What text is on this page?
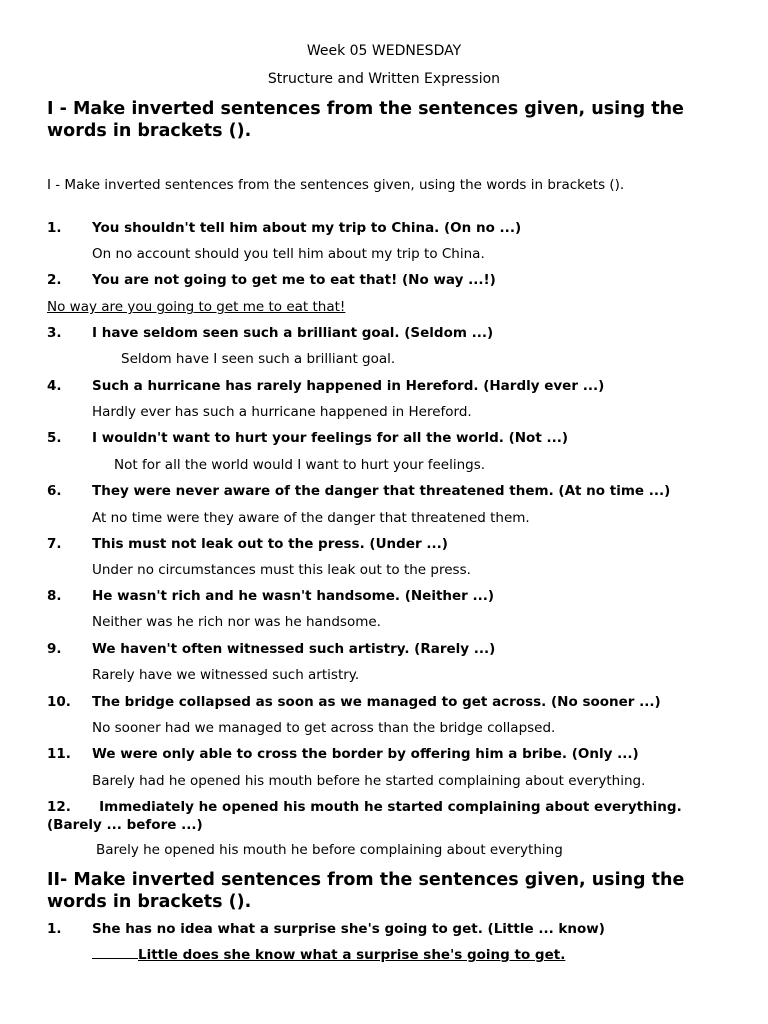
Week 05 WEDNESDAY
Structure and Written Expression
I - Make inverted sentences from the sentences given, using the words in brackets ().
I - Make inverted sentences from the sentences given, using the words in brackets ().
1. You shouldn't tell him about my trip to China. (On no ...)
On no account should you tell him about my trip to China.
2. You are not going to get me to eat that! (No way ...!)
No way are you going to get me to eat that!
3. I have seldom seen such a brilliant goal. (Seldom ...)
Seldom have I seen such a brilliant goal.
4. Such a hurricane has rarely happened in Hereford. (Hardly ever ...)
Hardly ever has such a hurricane happened in Hereford.
5. I wouldn't want to hurt your feelings for all the world. (Not ...)
Not for all the world would I want to hurt your feelings.
6. They were never aware of the danger that threatened them. (At no time ...)
At no time were they aware of the danger that threatened them.
7. This must not leak out to the press. (Under ...)
Under no circumstances must this leak out to the press.
8. He wasn't rich and he wasn't handsome. (Neither ...)
Neither was he rich nor was he handsome.
9. We haven't often witnessed such artistry. (Rarely ...)
Rarely have we witnessed such artistry.
10. The bridge collapsed as soon as we managed to get across. (No sooner ...)
No sooner had we managed to get across than the bridge collapsed.
11. We were only able to cross the border by offering him a bribe. (Only ...)
Barely had he opened his mouth before he started complaining about everything.
12. Immediately he opened his mouth he started complaining about everything. (Barely ... before ...)
Barely he opened his mouth he before complaining about everything
II- Make inverted sentences from the sentences given, using the words in brackets ().
1. She has no idea what a surprise she's going to get. (Little ... know)
Little does she know what a surprise she's going to get.
